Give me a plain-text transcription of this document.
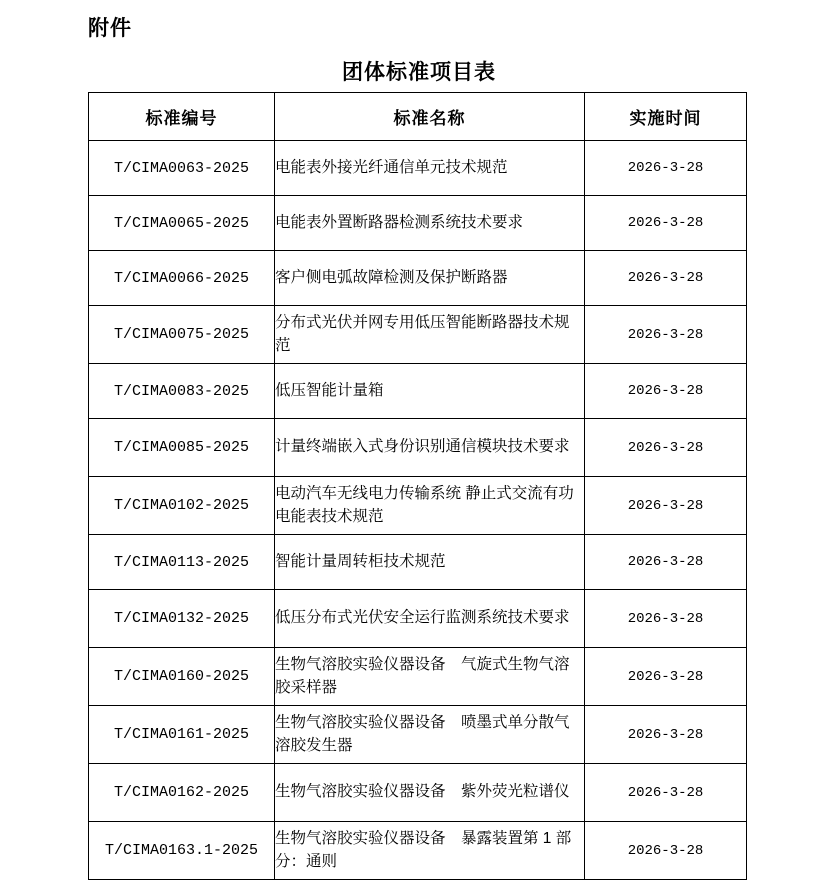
附件
团体标准项目表
标准编号	标准名称	实施时间
T/CIMA0063-2025	电能表外接光纤通信单元技术规范	2026-3-28
T/CIMA0065-2025	电能表外置断路器检测系统技术要求	2026-3-28
T/CIMA0066-2025	客户侧电弧故障检测及保护断路器	2026-3-28
T/CIMA0075-2025	分布式光伏并网专用低压智能断路器技术规范	2026-3-28
T/CIMA0083-2025	低压智能计量箱	2026-3-28
T/CIMA0085-2025	计量终端嵌入式身份识别通信模块技术要求	2026-3-28
T/CIMA0102-2025	电动汽车无线电力传输系统 静止式交流有功电能表技术规范	2026-3-28
T/CIMA0113-2025	智能计量周转柜技术规范	2026-3-28
T/CIMA0132-2025	低压分布式光伏安全运行监测系统技术要求	2026-3-28
T/CIMA0160-2025	生物气溶胶实验仪器设备　气旋式生物气溶胶采样器	2026-3-28
T/CIMA0161-2025	生物气溶胶实验仪器设备　喷墨式单分散气溶胶发生器	2026-3-28
T/CIMA0162-2025	生物气溶胶实验仪器设备　紫外荧光粒谱仪	2026-3-28
T/CIMA0163.1-2025	生物气溶胶实验仪器设备　暴露装置第 1 部分：通则	2026-3-28
